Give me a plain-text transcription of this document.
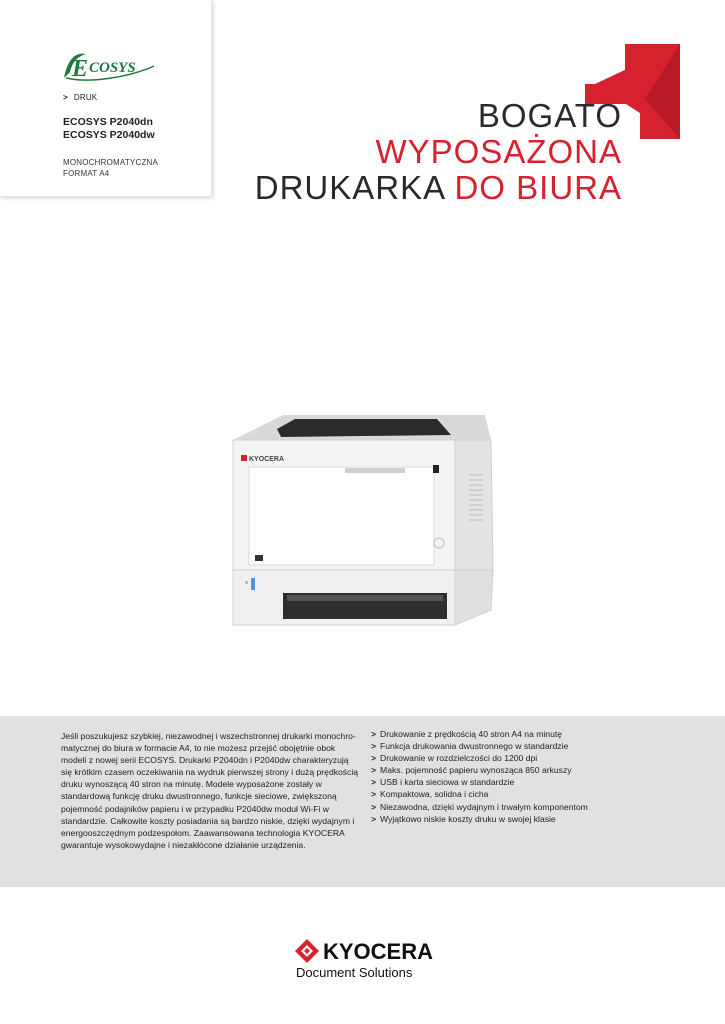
E COSYS
> DRUK
ECOSYS P2040dn
ECOSYS P2040dw
MONOCHROMATYCZNA
FORMAT A4
BOGATO
WYPOSAŻONA
DRUKARKA DO BIURA
KYOCERA
Jeśli poszukujesz szybkiej, niezawodnej i wszechstronnej drukarki monochro-matycznej do biura w formacie A4, to nie możesz przejść obojętnie obok modeli z nowej serii ECOSYS. Drukarki P2040dn i P2040dw charakteryzują się krótkim czasem oczekiwania na wydruk pierwszej strony i dużą prędkością druku wynoszącą 40 stron na minutę. Modele wyposażone zostały w standardową funkcję druku dwustronnego, funkcje sieciowe, zwiększoną pojemność podajników papieru i w przypadku P2040dw moduł Wi-Fi w standardzie. Całkowite koszty posiadania są bardzo niskie, dzięki wydajnym i energooszczędnym podzespołom. Zaawansowana technologia KYOCERA gwarantuje wysokowydajne i niezakłócone działanie urządzenia.
> Drukowanie z prędkością 40 stron A4 na minutę
> Funkcja drukowania dwustronnego w standardzie
> Drukowanie w rozdzielczości do 1200 dpi
> Maks. pojemność papieru wynosząca 850 arkuszy
> USB i karta sieciowa w standardzie
> Kompaktowa, solidna i cicha
> Niezawodna, dzięki wydajnym i trwałym komponentom
> Wyjątkowo niskie koszty druku w swojej klasie
KYOCERA
Document Solutions
